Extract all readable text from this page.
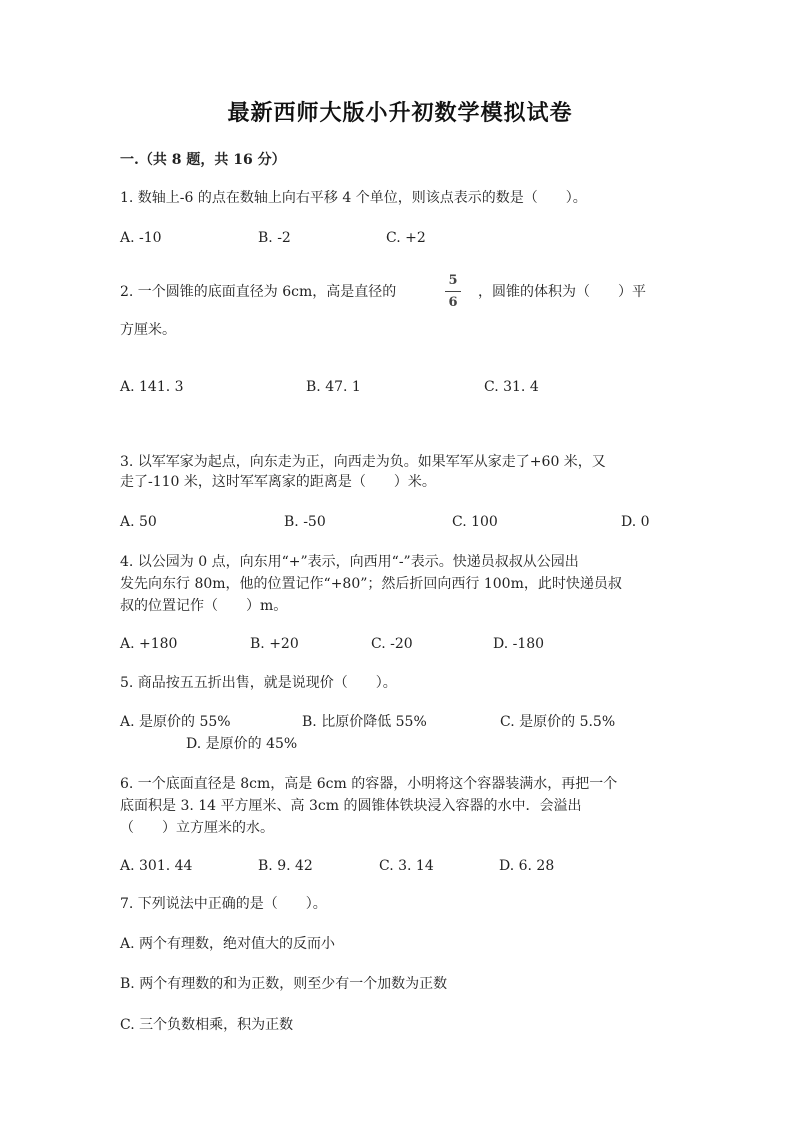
最新西师大版小升初数学模拟试卷
一.（共 8 题，共 16 分）
1. 数轴上-6 的点在数轴上向右平移 4 个单位，则该点表示的数是（　　）。
A. -10	B. -2	C. +2
2. 一个圆锥的底面直径为 6cm，高是直径的
5
6
，圆锥的体积为（　　）平
方厘米。
A. 141. 3	B. 47. 1	C. 31. 4
3. 以军军家为起点，向东走为正，向西走为负。如果军军从家走了+60 米，又
走了-110 米，这时军军离家的距离是（　　）米。
A. 50	B. -50	C. 100	D. 0
4. 以公园为 0 点，向东用“+”表示，向西用“-”表示。快递员叔叔从公园出
发先向东行 80m，他的位置记作“+80”；然后折回向西行 100m，此时快递员叔
叔的位置记作（　　）m。
A. +180	B. +20	C. -20	D. -180
5. 商品按五五折出售，就是说现价（　　）。
A. 是原价的 55%	B. 比原价降低 55%	C. 是原价的 5.5%
D. 是原价的 45%
6. 一个底面直径是 8cm，高是 6cm 的容器，小明将这个容器装满水，再把一个
底面积是 3. 14 平方厘米、高 3cm 的圆锥体铁块浸入容器的水中．会溢出
（　　）立方厘米的水。
A. 301. 44	B. 9. 42	C. 3. 14	D. 6. 28
7. 下列说法中正确的是（　　）。
A. 两个有理数，绝对值大的反而小
B. 两个有理数的和为正数，则至少有一个加数为正数
C. 三个负数相乘，积为正数
